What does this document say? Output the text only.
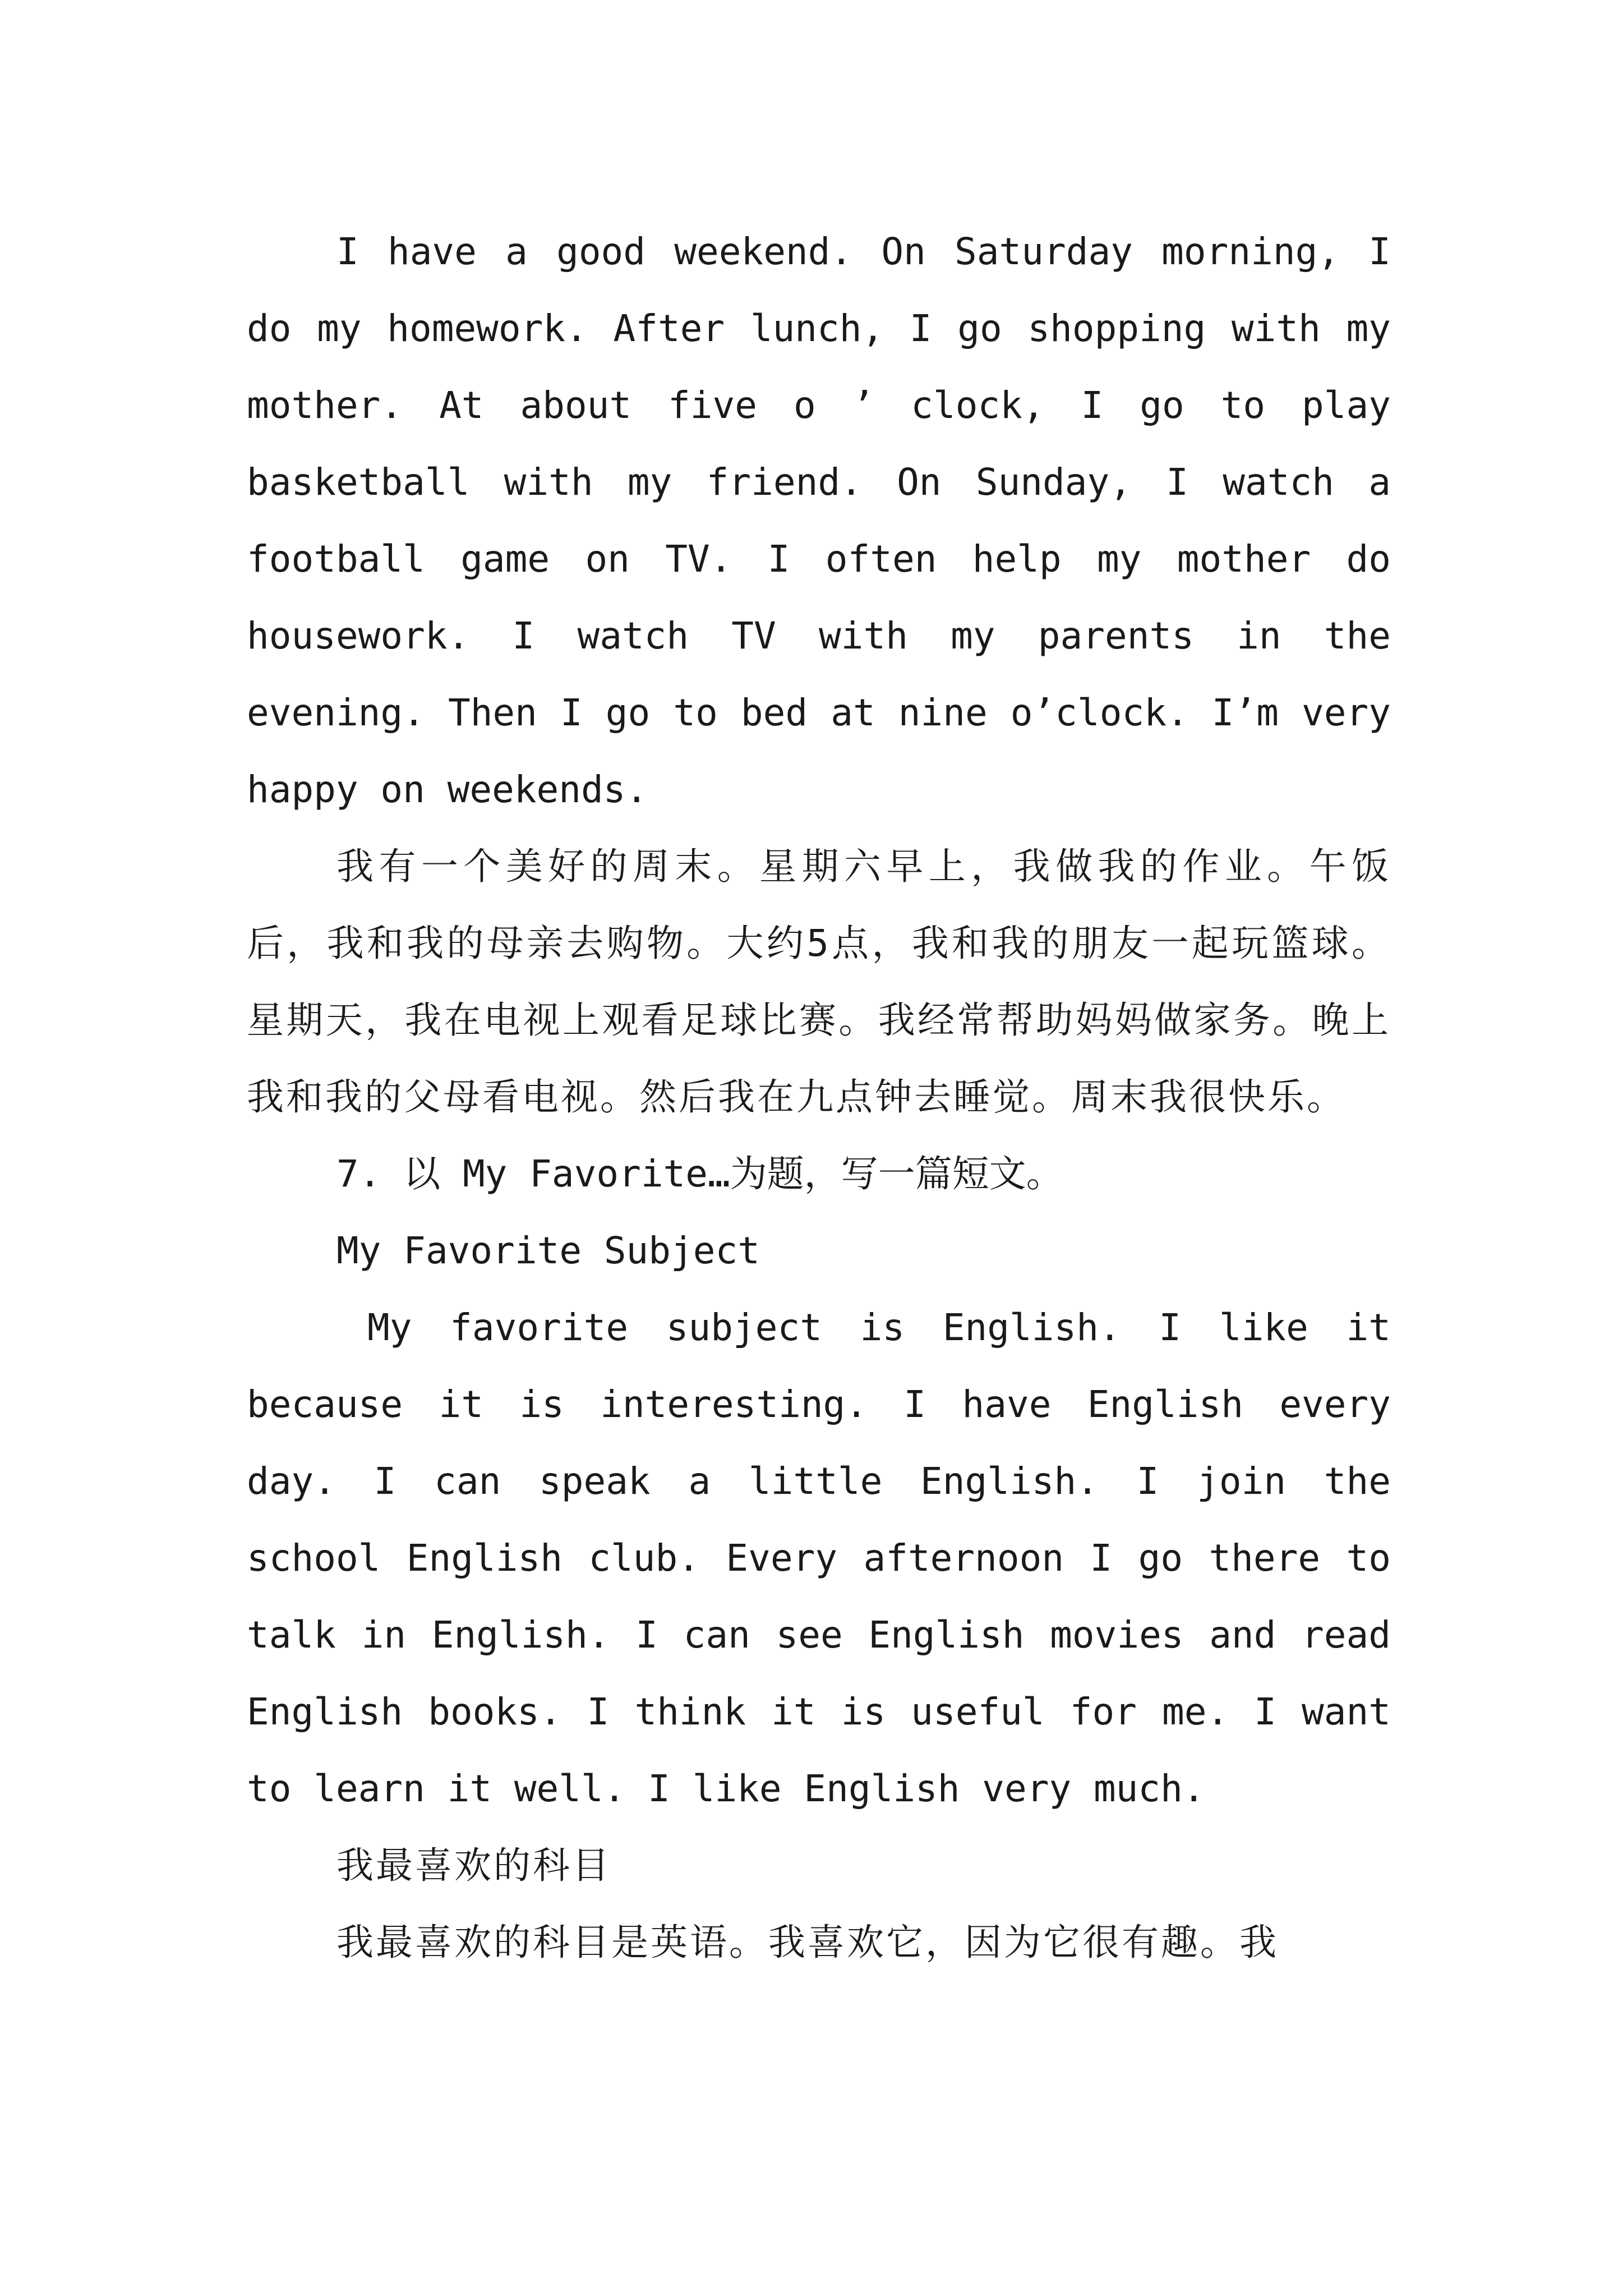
I have a good weekend. On Saturday morning, I do my homework. After lunch, I go shopping with my mother. At about five o ’ clock, I go to play basketball with my friend. On Sunday, I watch a football game on TV. I often help my mother do housework. I watch TV with my parents in the evening. Then I go to bed at nine o’clock. I’m very happy on weekends.

我有一个美好的周末。星期六早上，我做我的作业。午饭后，我和我的母亲去购物。大约5点，我和我的朋友一起玩篮球。星期天，我在电视上观看足球比赛。我经常帮助妈妈做家务。晚上我和我的父母看电视。然后我在九点钟去睡觉。周末我很快乐。

7. 以 My Favorite…为题，写一篇短文。

My Favorite Subject

My favorite subject is English. I like it because it is interesting. I have English every day. I can speak a little English. I join the school English club. Every afternoon I go there to talk in English. I can see English movies and read English books. I think it is useful for me. I want to learn it well. I like English very much.

我最喜欢的科目

我最喜欢的科目是英语。我喜欢它，因为它很有趣。我
